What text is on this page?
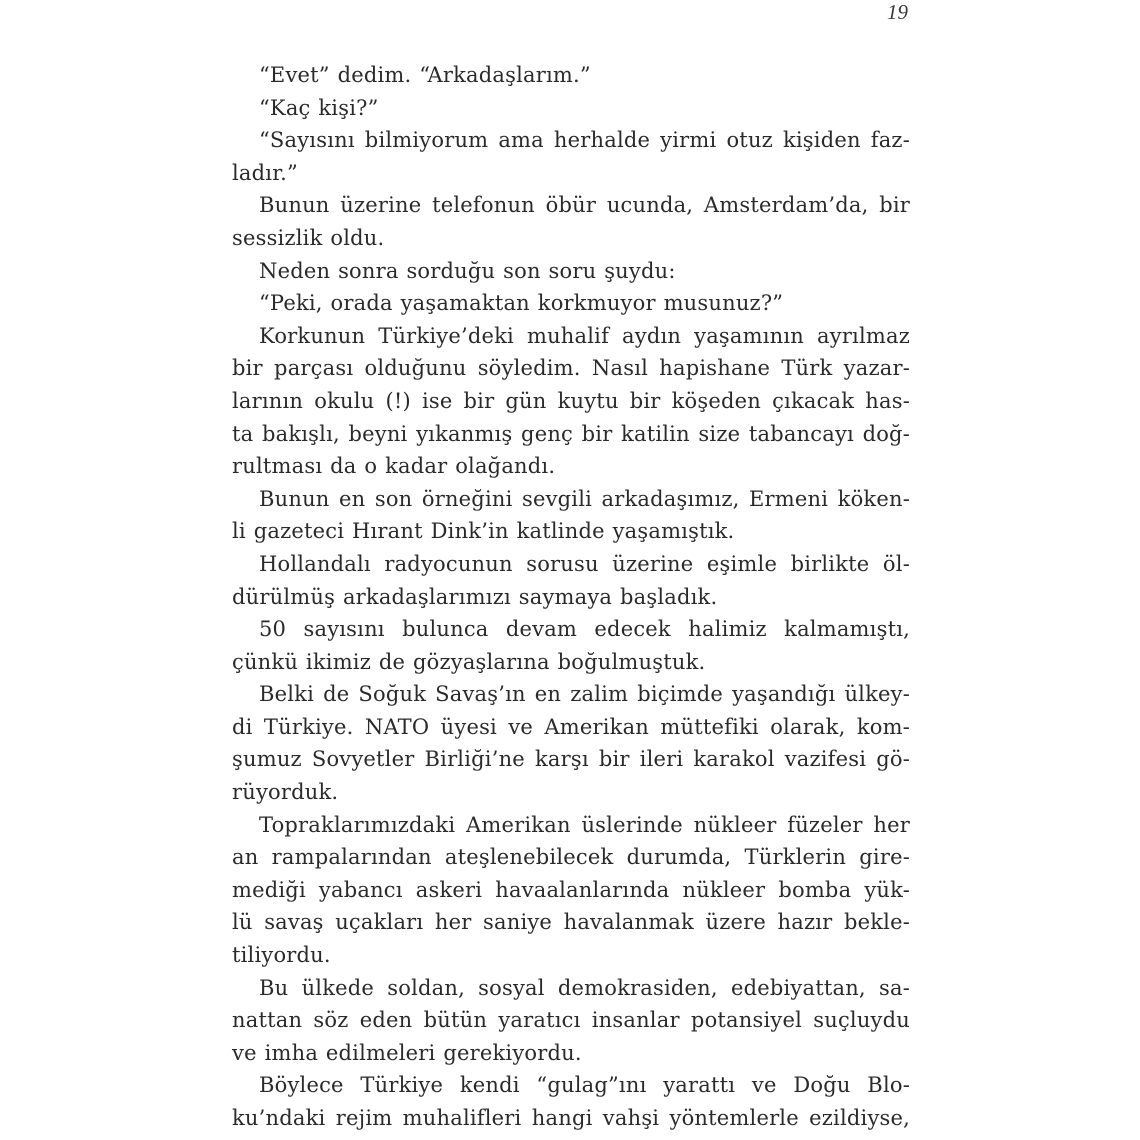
19
“Evet” dedim. “Arkadaşlarım.”
“Kaç kişi?”
“Sayısını bilmiyorum ama herhalde yirmi otuz kişiden faz-
ladır.”
Bunun üzerine telefonun öbür ucunda, Amsterdam’da, bir
sessizlik oldu.
Neden sonra sorduğu son soru şuydu:
“Peki, orada yaşamaktan korkmuyor musunuz?”
Korkunun Türkiye’deki muhalif aydın yaşamının ayrılmaz
bir parçası olduğunu söyledim. Nasıl hapishane Türk yazar-
larının okulu (!) ise bir gün kuytu bir köşeden çıkacak has-
ta bakışlı, beyni yıkanmış genç bir katilin size tabancayı doğ-
rultması da o kadar olağandı.
Bunun en son örneğini sevgili arkadaşımız, Ermeni köken-
li gazeteci Hırant Dink’in katlinde yaşamıştık.
Hollandalı radyocunun sorusu üzerine eşimle birlikte öl-
dürülmüş arkadaşlarımızı saymaya başladık.
50 sayısını bulunca devam edecek halimiz kalmamıştı,
çünkü ikimiz de gözyaşlarına boğulmuştuk.
Belki de Soğuk Savaş’ın en zalim biçimde yaşandığı ülkey-
di Türkiye. NATO üyesi ve Amerikan müttefiki olarak, kom-
şumuz Sovyetler Birliği’ne karşı bir ileri karakol vazifesi gö-
rüyorduk.
Topraklarımızdaki Amerikan üslerinde nükleer füzeler her
an rampalarından ateşlenebilecek durumda, Türklerin gire-
mediği yabancı askeri havaalanlarında nükleer bomba yük-
lü savaş uçakları her saniye havalanmak üzere hazır bekle-
tiliyordu.
Bu ülkede soldan, sosyal demokrasiden, edebiyattan, sa-
nattan söz eden bütün yaratıcı insanlar potansiyel suçluydu
ve imha edilmeleri gerekiyordu.
Böylece Türkiye kendi “gulag”ını yarattı ve Doğu Blo-
ku’ndaki rejim muhalifleri hangi vahşi yöntemlerle ezildiyse,
